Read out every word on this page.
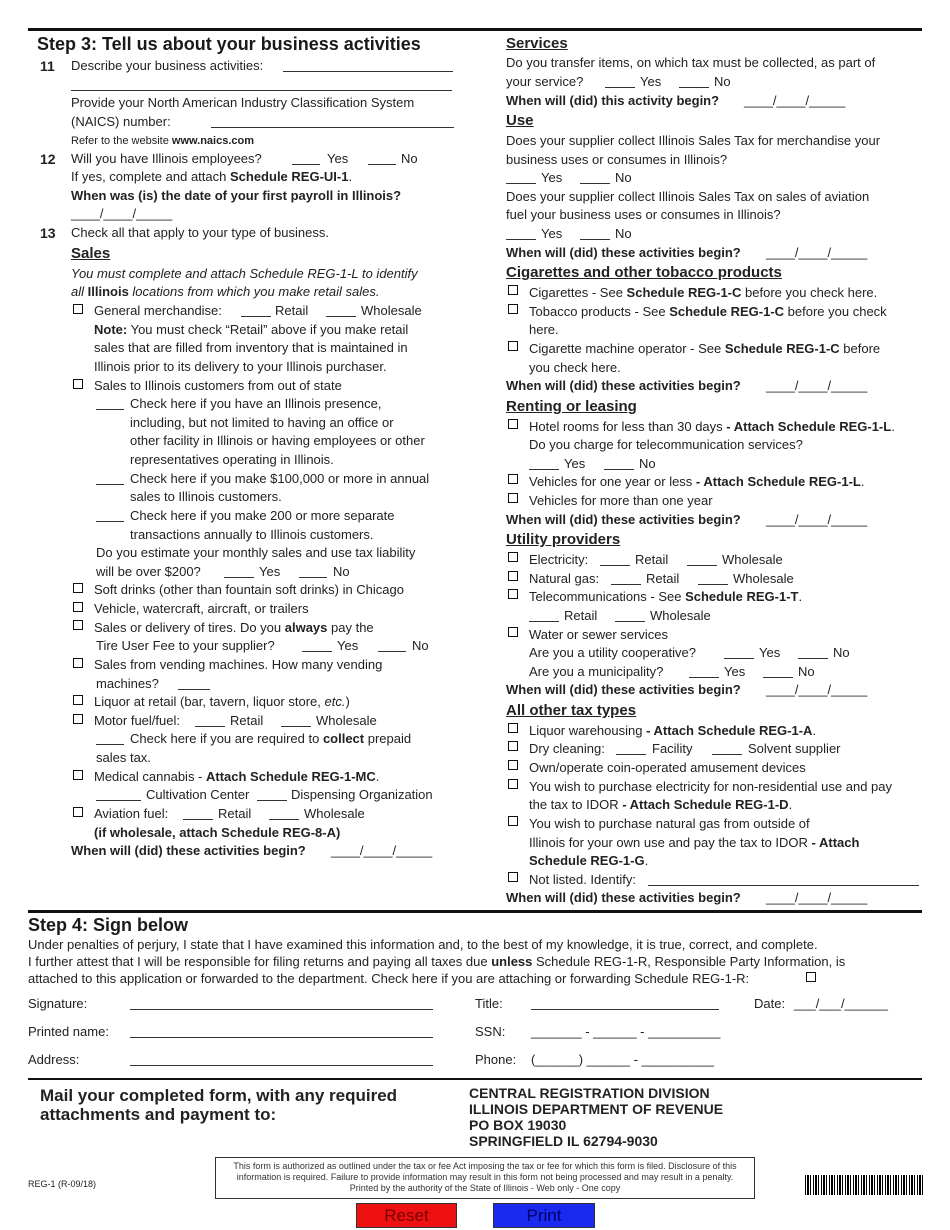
Step 3: Tell us about your business activities
11 Describe your business activities:
Provide your North American Industry Classification System
(NAICS) number:
Refer to the website www.naics.com
12 Will you have Illinois employees?	Yes	No
If yes, complete and attach Schedule REG-UI-1.
When was (is) the date of your first payroll in Illinois?
____/____/_____
13 Check all that apply to your type of business.
Sales
You must complete and attach Schedule REG-1-L to identify
all Illinois locations from which you make retail sales.
General merchandise:	Retail	Wholesale
Note: You must check “Retail” above if you make retail
sales that are filled from inventory that is maintained in
Illinois prior to its delivery to your Illinois purchaser.
Sales to Illinois customers from out of state
Check here if you have an Illinois presence,
including, but not limited to having an office or
other facility in Illinois or having employees or other
representatives operating in Illinois.
Check here if you make $100,000 or more in annual
sales to Illinois customers.
Check here if you make 200 or more separate
transactions annually to Illinois customers.
Do you estimate your monthly sales and use tax liability
will be over $200?	Yes	No
Soft drinks (other than fountain soft drinks) in Chicago
Vehicle, watercraft, aircraft, or trailers
Sales or delivery of tires. Do you always pay the
Tire User Fee to your supplier?	Yes	No
Sales from vending machines. How many vending
machines?
Liquor at retail (bar, tavern, liquor store, etc.)
Motor fuel/fuel:	Retail	Wholesale
Check here if you are required to collect prepaid
sales tax.
Medical cannabis - Attach Schedule REG-1-MC.
Cultivation Center	Dispensing Organization
Aviation fuel:	Retail	Wholesale
(if wholesale, attach Schedule REG-8-A)
When will (did) these activities begin? ____/____/_____
Services
Do you transfer items, on which tax must be collected, as part of
your service?	Yes	No
When will (did) this activity begin? ____/____/_____
Use
Does your supplier collect Illinois Sales Tax for merchandise your
business uses or consumes in Illinois?
Yes	No
Does your supplier collect Illinois Sales Tax on sales of aviation
fuel your business uses or consumes in Illinois?
Yes	No
When will (did) these activities begin? ____/____/_____
Cigarettes and other tobacco products
Cigarettes - See Schedule REG-1-C before you check here.
Tobacco products - See Schedule REG-1-C before you check
here.
Cigarette machine operator - See Schedule REG-1-C before
you check here.
When will (did) these activities begin? ____/____/_____
Renting or leasing
Hotel rooms for less than 30 days - Attach Schedule REG-1-L.
Do you charge for telecommunication services?
Yes	No
Vehicles for one year or less - Attach Schedule REG-1-L.
Vehicles for more than one year
When will (did) these activities begin? ____/____/_____
Utility providers
Electricity:	Retail	Wholesale
Natural gas:	Retail	Wholesale
Telecommunications - See Schedule REG-1-T.
Retail	Wholesale
Water or sewer services
Are you a utility cooperative?	Yes	No
Are you a municipality?	Yes	No
When will (did) these activities begin? ____/____/_____
All other tax types
Liquor warehousing - Attach Schedule REG-1-A.
Dry cleaning:	Facility	Solvent supplier
Own/operate coin-operated amusement devices
You wish to purchase electricity for non-residential use and pay
the tax to IDOR - Attach Schedule REG-1-D.
You wish to purchase natural gas from outside of
Illinois for your own use and pay the tax to IDOR - Attach
Schedule REG-1-G.
Not listed. Identify:
When will (did) these activities begin? ____/____/_____
Step 4: Sign below
Under penalties of perjury, I state that I have examined this information and, to the best of my knowledge, it is true, correct, and complete.
I further attest that I will be responsible for filing returns and paying all taxes due unless Schedule REG-1-R, Responsible Party Information, is
attached to this application or forwarded to the department. Check here if you are attaching or forwarding Schedule REG-1-R:
Signature:	Title:	Date: ___/___/______
Printed name:	SSN: _______ - ______ - __________
Address:	Phone: (______) ______ - __________
Mail your completed form, with any required
attachments and payment to:
CENTRAL REGISTRATION DIVISION
ILLINOIS DEPARTMENT OF REVENUE
PO BOX 19030
SPRINGFIELD IL 62794-9030
REG-1 (R-09/18)
This form is authorized as outlined under the tax or fee Act imposing the tax or fee for which this form is filed. Disclosure of this
information is required. Failure to provide information may result in this form not being processed and may result in a penalty.
Printed by the authority of the State of Illinois - Web only - One copy
Reset	Print
